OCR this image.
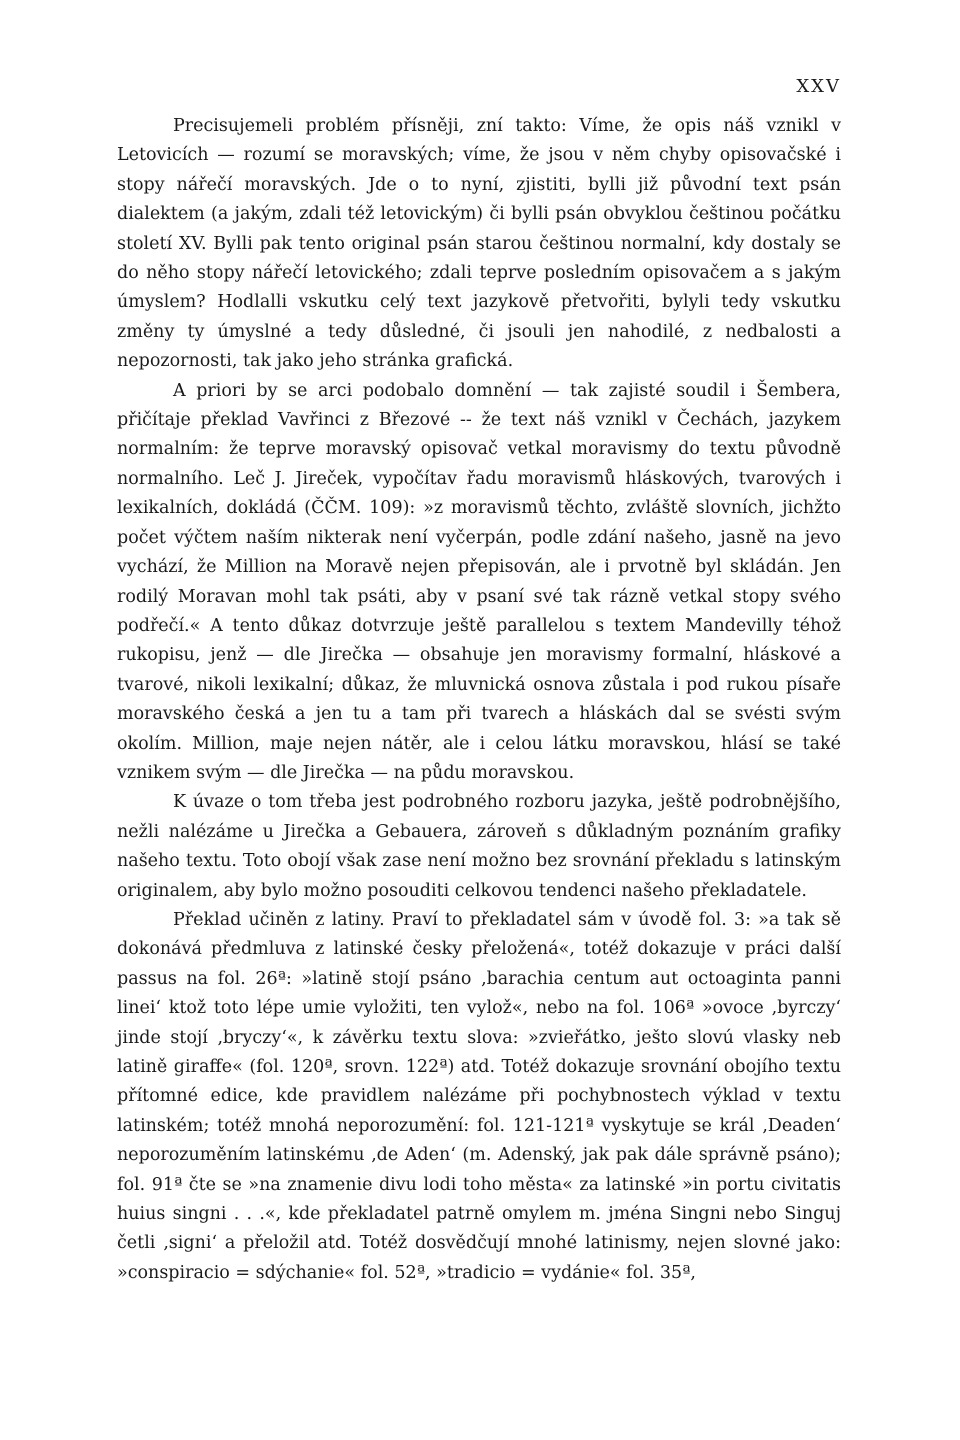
XXV

Precisujemeli problém přísněji, zní takto: Víme, že opis náš vznikl v Letovicích — rozumí se moravských; víme, že jsou v něm chyby opisovačské i stopy nářečí moravských. Jde o to nyní, zjistiti, bylli již původní text psán dialektem (a jakým, zdali též letovickým) či bylli psán obvyklou češtinou počátku století XV. Bylli pak tento original psán starou češtinou normalní, kdy dostaly se do něho stopy nářečí letovického; zdali teprve posledním opisovačem a s jakým úmyslem? Hodlalli vskutku celý text jazykově přetvořiti, bylyli tedy vskutku změny ty úmyslné a tedy důsledné, či jsouli jen nahodilé, z nedbalosti a nepozornosti, tak jako jeho stránka grafická.

A priori by se arci podobalo domnění — tak zajisté soudil i Šembera, přičítaje překlad Vavřinci z Březové -- že text náš vznikl v Čechách, jazykem normalním: že teprve moravský opisovač vetkal moravismy do textu původně normalního. Leč J. Jireček, vypočítav řadu moravismů hláskových, tvarových i lexikalních, dokládá (ČČM. 109): »z moravismů těchto, zvláště slovních, jichžto počet výčtem naším nikterak není vyčerpán, podle zdání našeho, jasně na jevo vychází, že Million na Moravě nejen přepisován, ale i prvotně byl skládán. Jen rodilý Moravan mohl tak psáti, aby v psaní své tak rázně vetkal stopy svého podřečí.« A tento důkaz dotvrzuje ještě parallelou s textem Mandevilly téhož rukopisu, jenž — dle Jirečka — obsahuje jen moravismy formalní, hláskové a tvarové, nikoli lexikalní; důkaz, že mluvnická osnova zůstala i pod rukou písaře moravského česká a jen tu a tam při tvarech a hláskách dal se svésti svým okolím. Million, maje nejen nátěr, ale i celou látku moravskou, hlásí se také vznikem svým — dle Jirečka — na půdu moravskou.

K úvaze o tom třeba jest podrobného rozboru jazyka, ještě podrobnějšího, nežli nalézáme u Jirečka a Gebauera, zároveň s důkladným poznáním grafiky našeho textu. Toto obojí však zase není možno bez srovnání překladu s latinským originalem, aby bylo možno posouditi celkovou tendenci našeho překladatele.

Překlad učiněn z latiny. Praví to překladatel sám v úvodě fol. 3: »a tak sě dokonává předmluva z latinské česky přeložená«, totéž dokazuje v práci další passus na fol. 26ª: »latině stojí psáno ‚barachia centum aut octoaginta panni linei‘ ktož toto lépe umie vyložiti, ten vylož«, nebo na fol. 106ª »ovoce ‚byrczy‘ jinde stojí ‚bryczy‘«, k závěrku textu slova: »zvieřátko, ješto slovú vlasky neb latině giraffe« (fol. 120ª, srovn. 122ª) atd. Totéž dokazuje srovnání obojího textu přítomné edice, kde pravidlem nalézáme při pochybnostech výklad v textu latinském; totéž mnohá neporozumění: fol. 121-121ª vyskytuje se král ‚Deaden‘ neporozuměním latinskému ‚de Aden‘ (m. Adenský, jak pak dále správně psáno); fol. 91ª čte se »na znamenie divu lodi toho města« za latinské »in portu civitatis huius singni . . .«, kde překladatel patrně omylem m. jména Singni nebo Singuj četli ‚signi‘ a přeložil atd. Totéž dosvědčují mnohé latinismy, nejen slovné jako: »conspiracio = sdýchanie« fol. 52ª, »tradicio = vydánie« fol. 35ª,
